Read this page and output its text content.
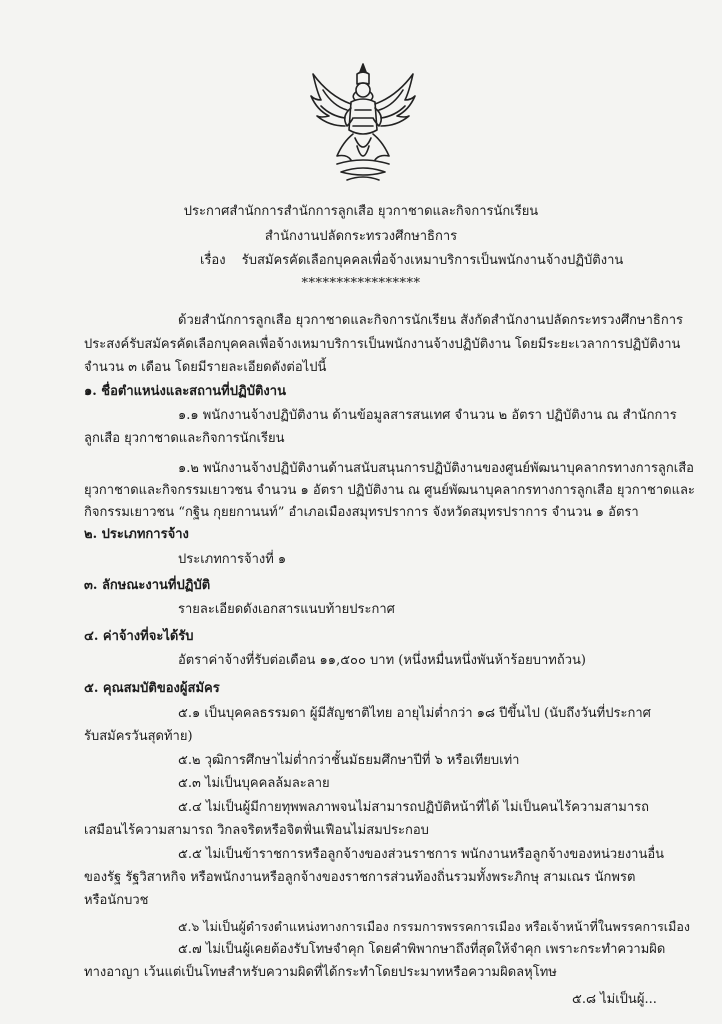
ประกาศสำนักการสำนักการลูกเสือ ยุวกาชาดและกิจการนักเรียน
สำนักงานปลัดกระทรวงศึกษาธิการ
เรื่อง รับสมัครคัดเลือกบุคคลเพื่อจ้างเหมาบริการเป็นพนักงานจ้างปฏิบัติงาน
*****************
ด้วยสำนักการลูกเสือ ยุวกาชาดและกิจการนักเรียน สังกัดสำนักงานปลัดกระทรวงศึกษาธิการ
ประสงค์รับสมัครคัดเลือกบุคคลเพื่อจ้างเหมาบริการเป็นพนักงานจ้างปฏิบัติงาน โดยมีระยะเวลาการปฏิบัติงาน
จำนวน ๓ เดือน โดยมีรายละเอียดดังต่อไปนี้
๑. ชื่อตำแหน่งและสถานที่ปฏิบัติงาน
๑.๑ พนักงานจ้างปฏิบัติงาน ด้านข้อมูลสารสนเทศ จำนวน ๒ อัตรา ปฏิบัติงาน ณ สำนักการ
ลูกเสือ ยุวกาชาดและกิจการนักเรียน
๑.๒ พนักงานจ้างปฏิบัติงานด้านสนับสนุนการปฏิบัติงานของศูนย์พัฒนาบุคลากรทางการลูกเสือ
ยุวกาชาดและกิจกรรมเยาวชน จำนวน ๑ อัตรา ปฏิบัติงาน ณ ศูนย์พัฒนาบุคลากรทางการลูกเสือ ยุวกาชาดและ
กิจกรรมเยาวชน “กฐิน กุยยกานนท์” อำเภอเมืองสมุทรปราการ จังหวัดสมุทรปราการ จำนวน ๑ อัตรา
๒. ประเภทการจ้าง
ประเภทการจ้างที่ ๑
๓. ลักษณะงานที่ปฏิบัติ
รายละเอียดดังเอกสารแนบท้ายประกาศ
๔. ค่าจ้างที่จะได้รับ
อัตราค่าจ้างที่รับต่อเดือน ๑๑,๕๐๐ บาท (หนึ่งหมื่นหนึ่งพันห้าร้อยบาทถ้วน)
๕. คุณสมบัติของผู้สมัคร
๕.๑ เป็นบุคคลธรรมดา ผู้มีสัญชาติไทย อายุไม่ต่ำกว่า ๑๘ ปีขึ้นไป (นับถึงวันที่ประกาศ
รับสมัครวันสุดท้าย)
๕.๒ วุฒิการศึกษาไม่ต่ำกว่าชั้นมัธยมศึกษาปีที่ ๖ หรือเทียบเท่า
๕.๓ ไม่เป็นบุคคลล้มละลาย
๕.๔ ไม่เป็นผู้มีกายทุพพลภาพจนไม่สามารถปฏิบัติหน้าที่ได้ ไม่เป็นคนไร้ความสามารถ
เสมือนไร้ความสามารถ วิกลจริตหรือจิตฟั่นเฟือนไม่สมประกอบ
๕.๕ ไม่เป็นข้าราชการหรือลูกจ้างของส่วนราชการ พนักงานหรือลูกจ้างของหน่วยงานอื่น
ของรัฐ รัฐวิสาหกิจ หรือพนักงานหรือลูกจ้างของราชการส่วนท้องถิ่นรวมทั้งพระภิกษุ สามเณร นักพรต
หรือนักบวช
๕.๖ ไม่เป็นผู้ดำรงตำแหน่งทางการเมือง กรรมการพรรคการเมือง หรือเจ้าหน้าที่ในพรรคการเมือง
๕.๗ ไม่เป็นผู้เคยต้องรับโทษจำคุก โดยคำพิพากษาถึงที่สุดให้จำคุก เพราะกระทำความผิด
ทางอาญา เว้นแต่เป็นโทษสำหรับความผิดที่ได้กระทำโดยประมาทหรือความผิดลหุโทษ
๕.๘ ไม่เป็นผู้...
